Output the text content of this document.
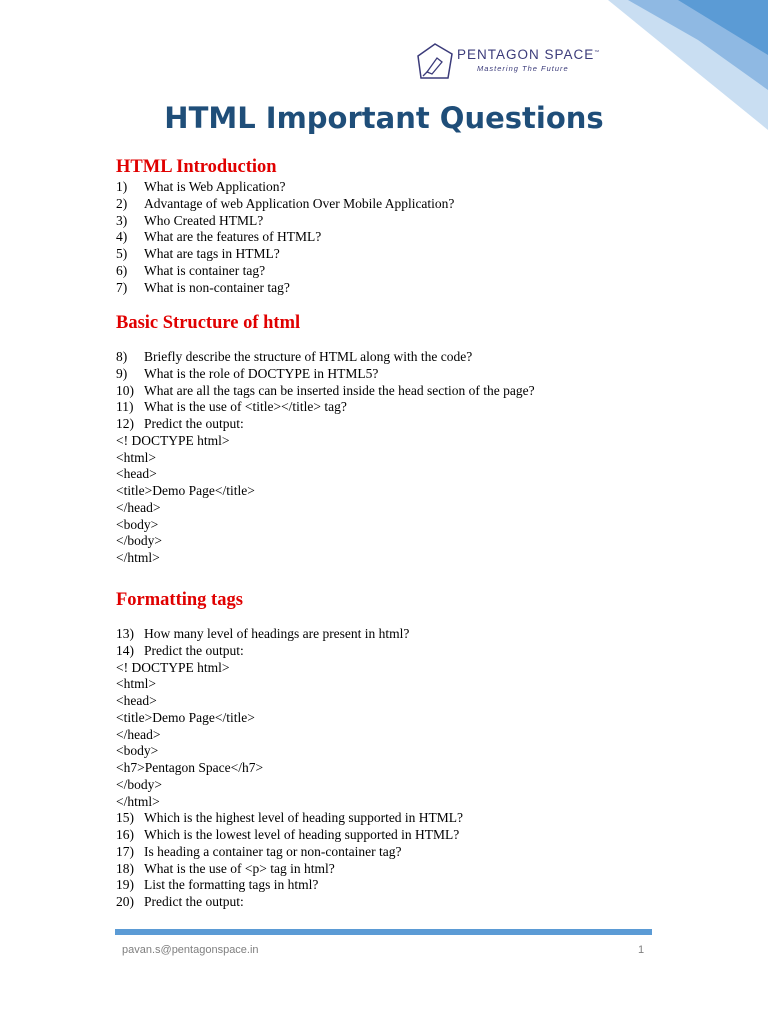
PENTAGON SPACE™
Mastering The Future
HTML Important Questions
HTML Introduction
1)	What is Web Application?
2)	Advantage of web Application Over Mobile Application?
3)	Who Created HTML?
4)	What are the features of HTML?
5)	What are tags in HTML?
6)	What is container tag?
7)	What is non-container tag?
Basic Structure of html
8)	Briefly describe the structure of HTML along with the code?
9)	What is the role of DOCTYPE in HTML5?
10) What are all the tags can be inserted inside the head section of the page?
11) What is the use of <title></title> tag?
12) Predict the output:
<! DOCTYPE html>
<html>
<head>
<title>Demo Page</title>
</head>
<body>
</body>
</html>
Formatting tags
13) How many level of headings are present in html?
14) Predict the output:
<! DOCTYPE html>
<html>
<head>
<title>Demo Page</title>
</head>
<body>
<h7>Pentagon Space</h7>
</body>
</html>
15) Which is the highest level of heading supported in HTML?
16) Which is the lowest level of heading supported in HTML?
17) Is heading a container tag or non-container tag?
18) What is the use of <p> tag in html?
19) List the formatting tags in html?
20) Predict the output:
pavan.s@pentagonspace.in	1
